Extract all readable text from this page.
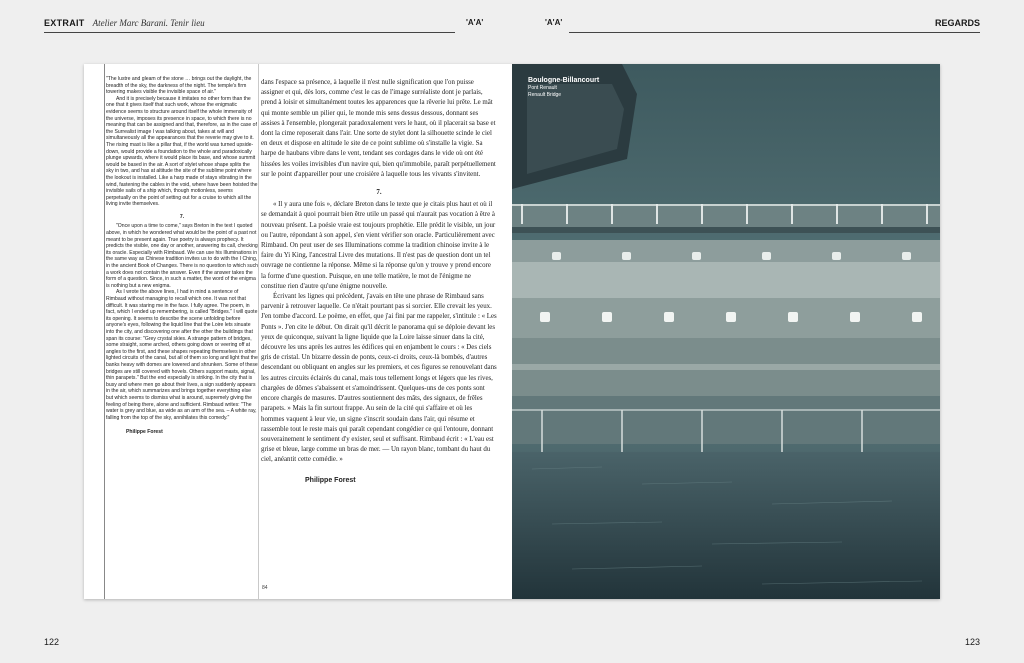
EXTRAIT Atelier Marc Barani. Tenir lieu	'A'A'	'A'A'	REGARDS

"The lustre and gleam of the stone … brings out the daylight, the breadth of the sky, the darkness of the night. The temple's firm towering makes visible the invisible space of air."

And it is precisely because it imitates no other form than the one that it gives itself that such work, whose the enigmatic evidence seems to structure around itself the whole immensity of the universe, imposes its presence in space, to which there is no meaning that can be assigned and that, therefore, as in the case of the Surrealist image I was talking about, takes at will and simultaneously all the appearances that the reverie may give to it. The rising mast is like a pillar that, if the world was turned upside-down, would provide a foundation to the whole and paradoxically plunge upwards, where it would place its base, and whose summit would be based in the air. A sort of stylet whose shape splits the sky in two, and has at altitude the site of the sublime point where the lookout is installed. Like a harp made of stays vibrating in the wind, fastening the cables in the void, where have been hoisted the invisible sails of a ship which, though motionless, seems perpetually on the point of setting out for a cruise to which all the living invite themselves.

7.

"Once upon a time to come," says Breton in the text I quoted above, in which he wondered what would be the point of a past not meant to be present again. True poetry is always prophecy. It predicts the visible, one day or another, answering its call, checking its oracle. Especially with Rimbaud. We can use his Illuminations in the same way as Chinese tradition invites us to do with the I Ching, in the ancient Book of Changes. There is no question to which such a work does not contain the answer. Even if the answer takes the form of a question. Since, in such a matter, the word of the enigma is nothing but a new enigma.

As I wrote the above lines, I had in mind a sentence of Rimbaud without managing to recall which one. It was not that difficult. It was staring me in the face. I fully agree. The poem, in fact, which I ended up remembering, is called "Bridges." I will quote its opening. It seems to describe the scene unfolding before anyone's eyes, following the liquid line that the Loire lets sinuate into the city, and discovering one after the other the buildings that span its course: "Grey crystal skies. A strange pattern of bridges, some straight, some arched, others going down or veering off at angles to the first, and these shapes repeating themselves in other lighted circuits of the canal, but all of them so long and light that the banks heavy with domes are lowered and shrunken. Some of these bridges are still covered with hovels. Others support masts, signal, thin parapets." But the end especially is striking. In the city that is busy and where men go about their lives, a sign suddenly appears in the air, which summarizes and brings together everything else but which seems to dismiss what is around, supremely giving the feeling of being there, alone and sufficient. Rimbaud writes: "The water is grey and blue, as wide as an arm of the sea. – A white ray, falling from the top of the sky, annihilates this comedy."

Philippe Forest

dans l'espace sa présence, à laquelle il n'est nulle signification que l'on puisse assigner et qui, dès lors, comme c'est le cas de l'image surréaliste dont je parlais, prend à loisir et simultanément toutes les apparences que la rêverie lui prête. Le mât qui monte semble un pilier qui, le monde mis sens dessus dessous, donnant ses assises à l'ensemble, plongerait paradoxalement vers le haut, où il placerait sa base et dont la cime reposerait dans l'air. Une sorte de stylet dont la silhouette scinde le ciel en deux et dispose en altitude le site de ce point sublime où s'installe la vigie. Sa harpe de haubans vibre dans le vent, tendant ses cordages dans le vide où ont été hissées les voiles invisibles d'un navire qui, bien qu'immobile, paraît perpétuellement sur le point d'appareiller pour une croisière à laquelle tous les vivants s'invitent.

7.

« Il y aura une fois », déclare Breton dans le texte que je citais plus haut et où il se demandait à quoi pourrait bien être utile un passé qui n'aurait pas vocation à être à nouveau présent. La poésie vraie est toujours prophétie. Elle prédit le visible, un jour ou l'autre, répondant à son appel, s'en vient vérifier son oracle. Particulièrement avec Rimbaud. On peut user de ses Illuminations comme la tradition chinoise invite à le faire du Yi King, l'ancestral Livre des mutations. Il n'est pas de question dont un tel ouvrage ne contienne la réponse. Même si la réponse qu'on y trouve y prend encore la forme d'une question. Puisque, en une telle matière, le mot de l'énigme ne constitue rien d'autre qu'une énigme nouvelle.

Écrivant les lignes qui précèdent, j'avais en tête une phrase de Rimbaud sans parvenir à retrouver laquelle. Ce n'était pourtant pas si sorcier. Elle crevait les yeux. J'en tombe d'accord. Le poème, en effet, que j'ai fini par me rappeler, s'intitule : « Les Ponts ». J'en cite le début. On dirait qu'il décrit le panorama qui se déploie devant les yeux de quiconque, suivant la ligne liquide que la Loire laisse sinuer dans la cité, découvre les uns après les autres les édifices qui en enjambent le cours : « Des ciels gris de cristal. Un bizarre dessin de ponts, ceux-ci droits, ceux-là bombés, d'autres descendant ou obliquant en angles sur les premiers, et ces figures se renouvelant dans les autres circuits éclairés du canal, mais tous tellement longs et légers que les rives, chargées de dômes s'abaissent et s'amoindrissent. Quelques-uns de ces ponts sont encore chargés de masures. D'autres soutiennent des mâts, des signaux, de frêles parapets. » Mais la fin surtout frappe. Au sein de la cité qui s'affaire et où les hommes vaquent à leur vie, un signe s'inscrit soudain dans l'air, qui résume et rassemble tout le reste mais qui paraît cependant congédier ce qui l'entoure, donnant souverainement le sentiment d'y exister, seul et suffisant. Rimbaud écrit : « L'eau est grise et bleue, large comme un bras de mer. — Un rayon blanc, tombant du haut du ciel, anéantit cette comédie. »

Philippe Forest

84
Boulogne-Billancourt
Pont Renault
Renault Bridge
122	123
